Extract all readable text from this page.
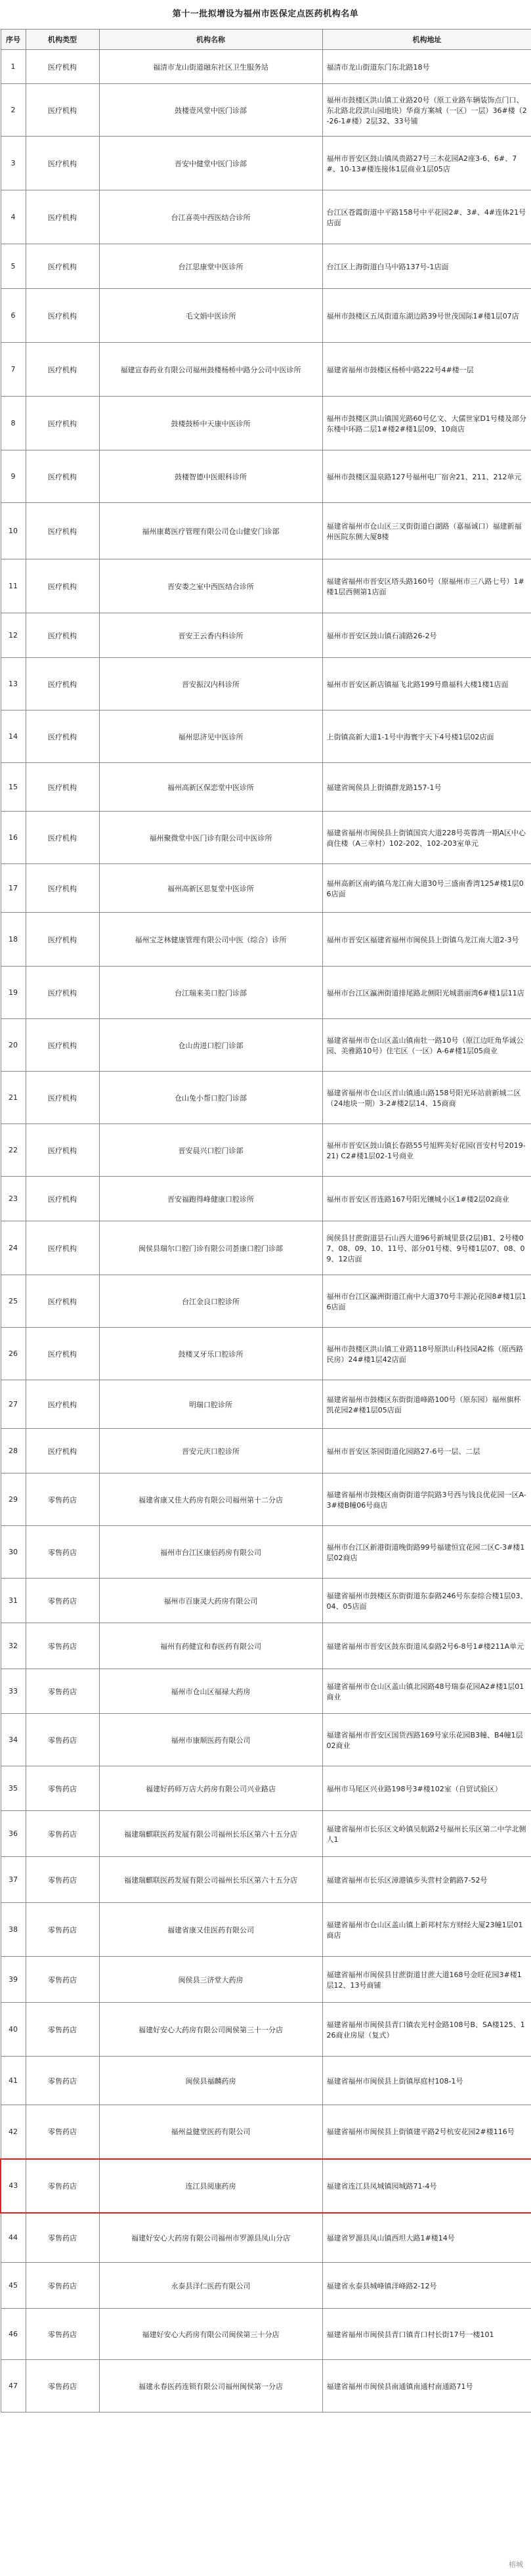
第十一批拟增设为福州市医保定点医药机构名单
序号	机构类型	机构名称	机构地址
1	医疗机构	福清市龙山街道融东社区卫生服务站	福清市龙山街道东门东北路18号
2	医疗机构	鼓楼壹风堂中医门诊部	福州市鼓楼区洪山镇工业路20号（原工业路车辆装饰点门口、东北路北段洪山园地块）华商方案城（一区）一层）36#楼（2-26-1#楼）2层32、33号铺
3	医疗机构	晋安中健堂中医门诊部	福州市晋安区鼓山镇凤贵路27号三木花园A2座3-6、6#、7#、10-13#楼连接体1层商业1层05店
4	医疗机构	台江喜英中西医结合诊所	台江区苍霞街道中平路158号中平花园2#、3#、4#连体21号店面
5	医疗机构	台江思康堂中医诊所	台江区上海街道白马中路137号-1店面
6	医疗机构	毛文娟中医诊所	福州市鼓楼区五凤街道东湖边路39号世茂国际1#楼1层07店
7	医疗机构	福建宣春药业有限公司福州鼓楼杨桥中路分公司中医诊所	福建省福州市鼓楼区杨桥中路222号4#楼一层
8	医疗机构	鼓楼鼓桥中天康中医诊所	福州市鼓楼区洪山镇国光路60号亿文、大儒世家D1号楼及部分东楼中环路二层1#楼2#楼1层09、10商店
9	医疗机构	鼓楼智德中医眼科诊所	福州市鼓楼区温泉路127号福州电厂宿舍21、211、212单元
10	医疗机构	福州康葛医疗管理有限公司仓山健安门诊部	福建省福州市仓山区三叉街街道白湖路（嘉福诚口）福建新福州医院东侧大厦8楼
11	医疗机构	晋安娄之室中西医结合诊所	福建省福州市晋安区塔头路160号（原福州市三八路七号）1#楼1层西侧第1店面
12	医疗机构	晋安王云香内科诊所	福州市晋安区鼓山镇石浦路26-2号
13	医疗机构	晋安振汉内科诊所	福州市晋安区新店镇福飞北路199号鼎福科大楼1楼1店面
14	医疗机构	福州思济见中医诊所	上街镇高新大道1-1号中海寰宇天下4号楼1层02店面
15	医疗机构	福州高新区保恋堂中医诊所	福建省闽侯县上街镇群龙路157-1号
16	医疗机构	福州聚微堂中医门诊有限公司中医诊所	福建省福州市闽侯县上街镇国宾大道228号英蓉湾一期A区中心商住楼（A三幸村）102-202、102-203室单元
17	医疗机构	福州高新区思复堂中医诊所	福州高新区南屿镇乌龙江南大道30号三盛南香湾125#楼1层06店面
18	医疗机构	福州宝芝林健康管理有限公司中医（综合）诊所	福州市晋安区福建省福州市闽侯县上街镇乌龙江南大道2-3号
19	医疗机构	台江瑞来美口腔门诊部	福州市台江区瀛洲街道排尾路北侧阳光城翡丽湾6#楼1层11店
20	医疗机构	仓山齿进口腔门诊部	福建省福州市仓山区盖山镇南牡一路10号（原江边旺角华诚公园、美雅路10号）住宅区（一区）A-6#楼1层05商业
21	医疗机构	仓山兔小帮口腔门诊部	福建省福州市仓山区首山镇通山路158号阳光环站前新城二区（24地块一期）3-2#楼2层14、15商商
22	医疗机构	晋安晨兴口腔门诊部	福州市晋安区鼓山镇长春路55号旭辉美好花园(晋安村号2019-21) C2#楼1层02-1号商业
23	医疗机构	晋安福跑得峰健康口腔诊所	福州市晋安区晋连路167号阳光镶城小区1#楼2层02商业
24	医疗机构	闽侯县瑞尔口腔门诊有限公司荟康口腔门诊部	闽侯县甘蔗街道昙石山西大道96号新城里景(2层)B1、2号楼07、08、09、10、11号、部分01号楼、9号楼1层07、08、09、12店面
25	医疗机构	台江金良口腔诊所	福州市台江区瀛洲街道江南中大道370号丰源沁花园8#楼1层16店面
26	医疗机构	鼓楼叉牙乐口腔诊所	福州市鼓楼区洪山镇工业路118号原洪山科技园A2栋（原西路民房）24#楼1层42店面
27	医疗机构	明瑞口腔诊所	福建省福州市鼓楼区东街街道峰路100号（原东园）福州旗杯凯花园2#楼1层05店面
28	医疗机构	晋安元庆口腔诊所	福州市晋安区茶园街道化园路27-6号一层、二层
29	零售药店	福建省康又佳大药房有限公司福州第十二分店	福建省福州市鼓楼区南街街道学院路3号西与钱良优花园一区A-3#楼B幢06号商店
30	零售药店	福州市台江区康佰药房有限公司	福州市台江区新港街道晚街路99号福建恒宜花园二区C-3#楼1层02商店
31	零售药店	福州市百康灵大药房有限公司	福建省福州市鼓楼区东街街道东泰路246号东泰综合楼1层03、04、05店面
32	零售药店	福州有药健宜和春医药有限公司	福建省福州市晋安区鼓东街道凤泰路2号6-8号1#楼211A单元
33	零售药店	福州市仓山区福禄大药房	福建省福州市仓山区盖山镇北园路48号瑞泰花园A2#楼1层01商业
34	零售药店	福州市康顺医药有限公司	福建省福州市晋安区国货西路169号家乐花园B3幢、B4幢1层02商业
35	零售药店	福建好药师万店大药房有限公司兴业路店	福州市马尾区兴业路198号3#楼102室（自贸试验区）
36	零售药店	福建瑞麒联医药发展有限公司福州长乐区第六十五分店	福建省福州市长乐区文岭镇吴航路2号福州长乐区第二中学北侧人1
37	零售药店	福建瑞麒联医药发展有限公司福州长乐区第六十五分店	福建省福州市长乐区漳港镇步头营村金鹤路7-52号
38	零售药店	福建省康又佳医药有限公司	福建省福州市仓山区盖山镇上新邦村东方财经大厦23幢1层01商店
39	零售药店	闽侯县三济堂大药房	福建省福州市闽侯县甘蔗街道甘蔗大道168号金旺花园3#楼1层12、13号商铺
40	零售药店	福建好安心大药房有限公司闽侯第三十一分店	福建省福州市闽侯县青口镇农光村金路108号B、SA楼125、126商业房屋（复式）
41	零售药店	闽侯县福麟药房	福建省福州市闽侯县上街镇厚庭村108-1号
42	零售药店	福州益健堂医药有限公司	福建省福州市闽侯县上街镇建平路2号杭安花园2#楼116号
43	零售药店	连江县阅康药房	福建省连江县凤城镇园城路71-4号
44	零售药店	福建好安心大药房有限公司福州市罗源县凤山分店	福建省罗源县凤山镇西坦大路1#楼14号
45	零售药店	永泰县洋仁医药有限公司	福建省永泰县城峰镇洋峰路2-12号
46	零售药店	福建好安心大药房有限公司闽侯第三十分店	福建省福州市闽侯县青口镇青口村长街17号一楼101
47	零售药店	福建永春医药连锁有限公司福州闽侯第一分店	福建省福州市闽侯县南通镇南通村南通路71号
榕城
